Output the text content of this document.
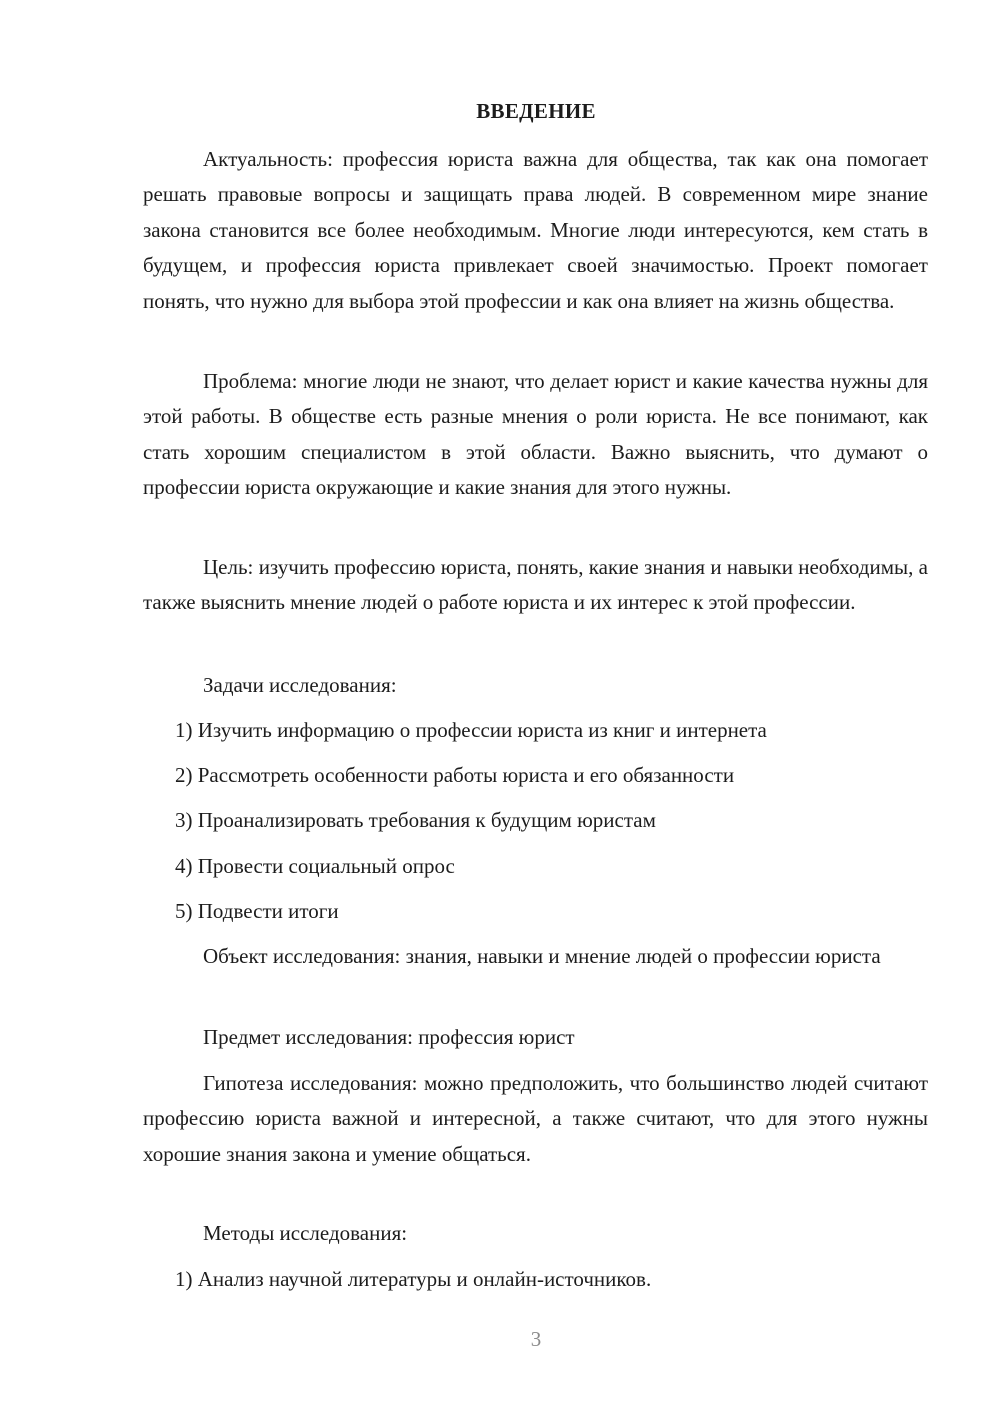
ВВЕДЕНИЕ

Актуальность: профессия юриста важна для общества, так как она помогает решать правовые вопросы и защищать права людей. В современном мире знание закона становится все более необходимым. Многие люди интересуются, кем стать в будущем, и профессия юриста привлекает своей значимостью. Проект помогает понять, что нужно для выбора этой профессии и как она влияет на жизнь общества.

Проблема: многие люди не знают, что делает юрист и какие качества нужны для этой работы. В обществе есть разные мнения о роли юриста. Не все понимают, как стать хорошим специалистом в этой области. Важно выяснить, что думают о профессии юриста окружающие и какие знания для этого нужны.

Цель: изучить профессию юриста, понять, какие знания и навыки необходимы, а также выяснить мнение людей о работе юриста и их интерес к этой профессии.

Задачи исследования:

1) Изучить информацию о профессии юриста из книг и интернета

2) Рассмотреть особенности работы юриста и его обязанности

3) Проанализировать требования к будущим юристам

4) Провести социальный опрос

5) Подвести итоги

Объект исследования: знания, навыки и мнение людей о профессии юриста

Предмет исследования: профессия юрист

Гипотеза исследования: можно предположить, что большинство людей считают профессию юриста важной и интересной, а также считают, что для этого нужны хорошие знания закона и умение общаться.

Методы исследования:

1) Анализ научной литературы и онлайн-источников.

3
